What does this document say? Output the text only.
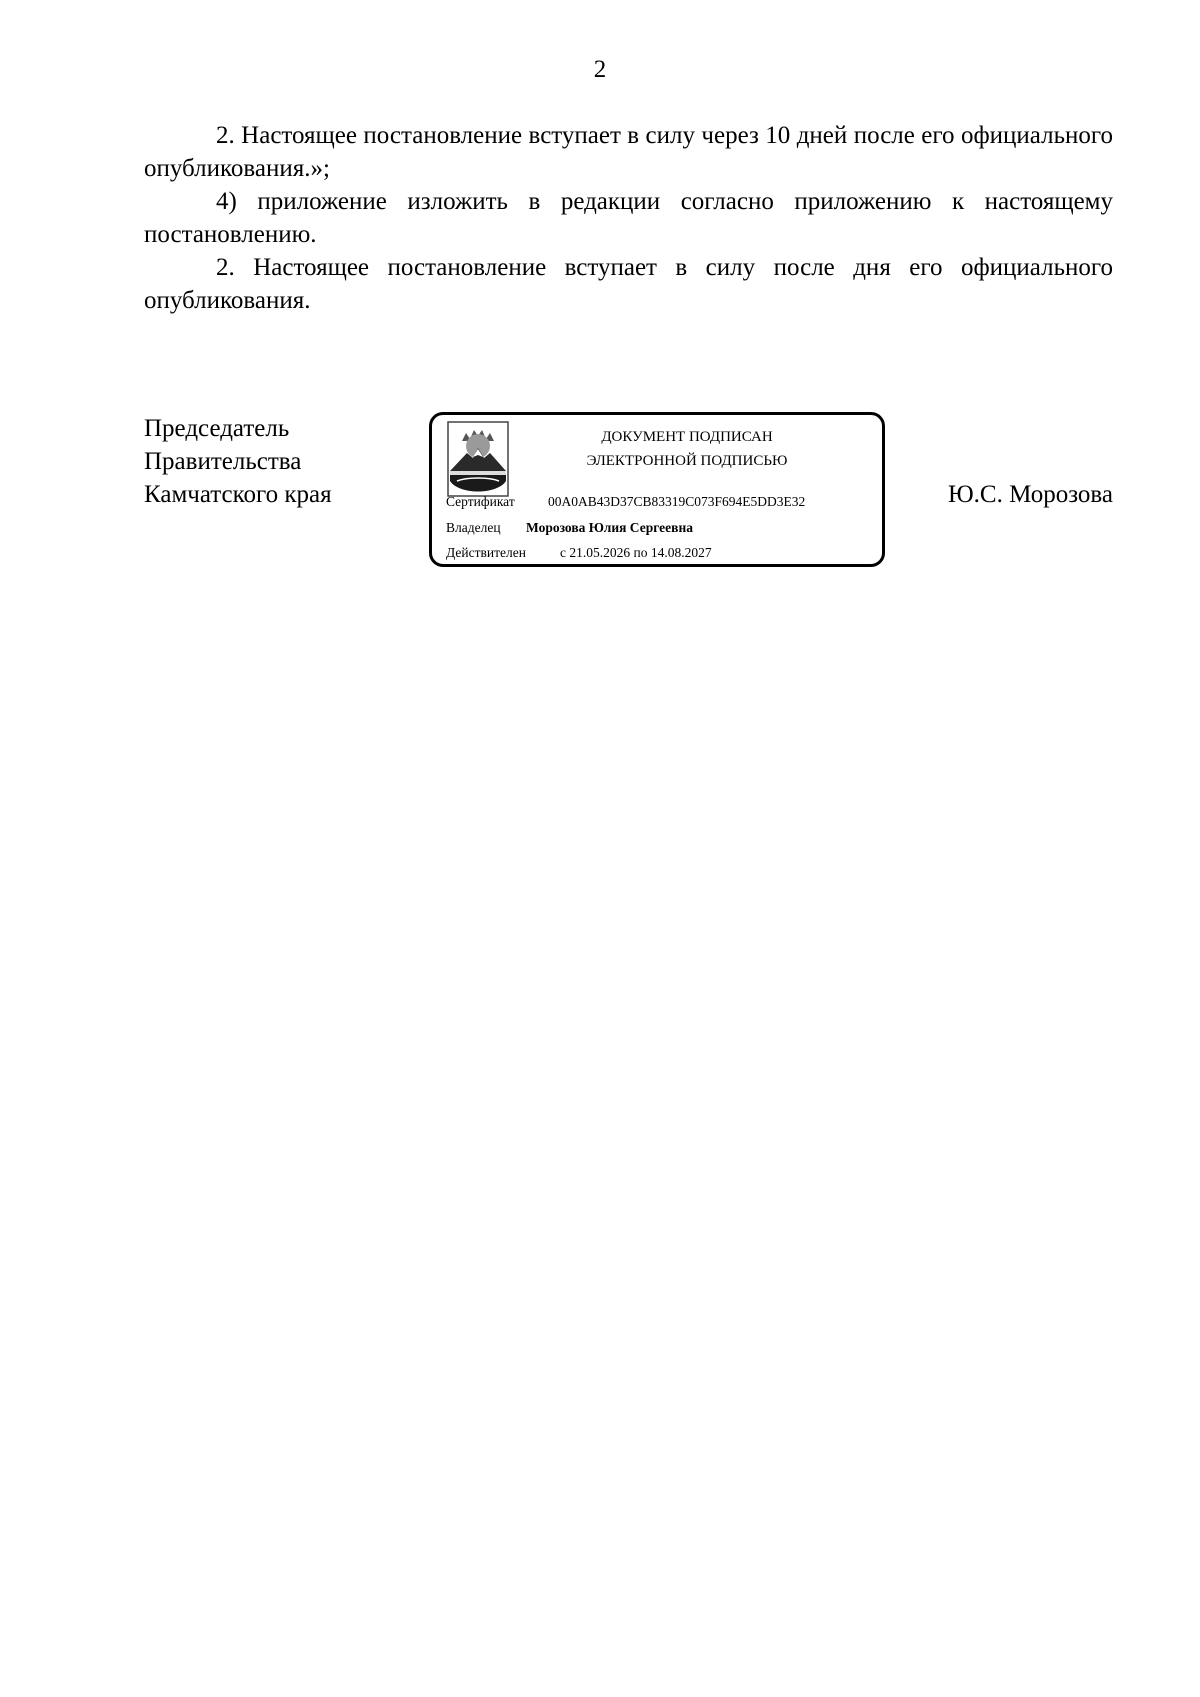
2

2. Настоящее постановление вступает в силу через 10 дней после его официального опубликования.»;

4) приложение изложить в редакции согласно приложению к настоящему постановлению.

2. Настоящее постановление вступает в силу после дня его официального опубликования.

Председатель
Правительства
Камчатского края
ДОКУМЕНТ ПОДПИСАН
ЭЛЕКТРОННОЙ ПОДПИСЬЮ
Сертификат 00A0AB43D37CB83319C073F694E5DD3E32
Владелец Морозова Юлия Сергеевна
Действителен	с 21.05.2026 по 14.08.2027
Ю.С. Морозова
